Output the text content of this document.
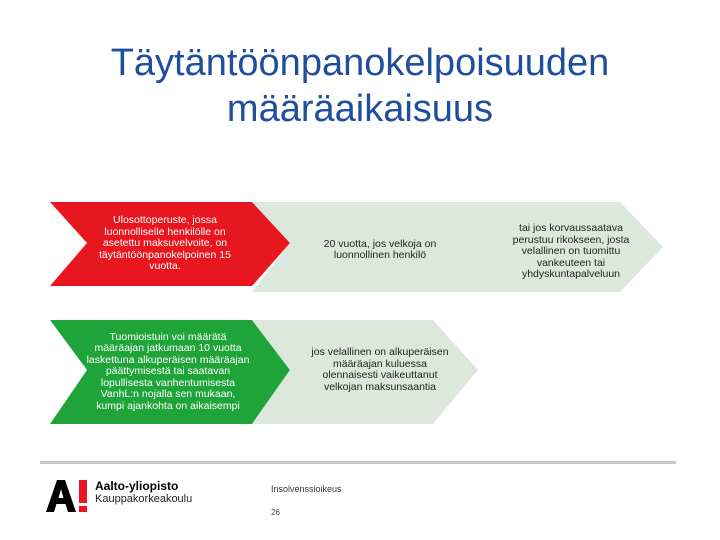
Täytäntöönpanokelpoisuuden
määräaikaisuus
Ulosottoperuste, jossa luonnolliselle henkilölle on asetettu maksuvelvoite, on täytäntöönpanokelpoinen 15 vuotta.
Tuomioistuin voi määrätä määräajan jatkumaan 10 vuotta laskettuna alkuperäisen määräajan päättymisestä tai saatavan lopullisesta vanhentumisesta VanhL:n nojalla sen mukaan, kumpi ajankohta on aikaisempi
20 vuotta, jos velkoja on luonnollinen henkilö
jos velallinen on alkuperäisen määräajan kuluessa olennaisesti vaikeuttanut velkojan maksunsaantia
tai jos korvaussaatava perustuu rikokseen, josta velallinen on tuomittu vankeuteen tai yhdyskuntapalveluun
Aalto-yliopisto
Kauppakorkeakoulu
Insolvenssioikeus
26
